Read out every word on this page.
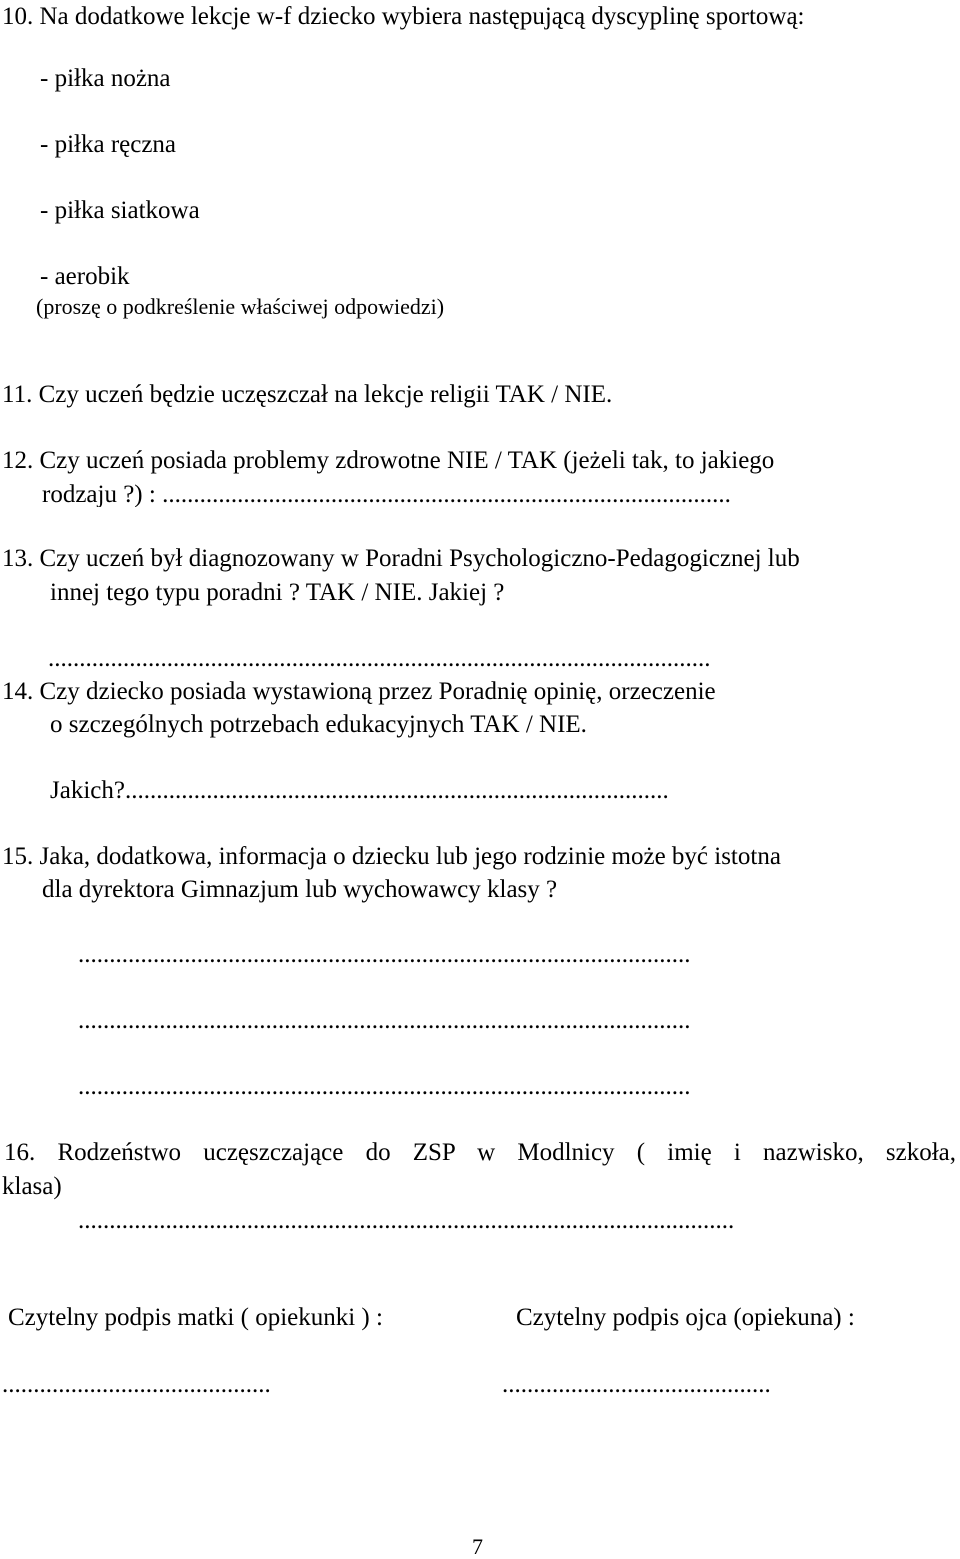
10. Na dodatkowe lekcje w-f dziecko wybiera następującą dyscyplinę sportową:
- piłka nożna
- piłka ręczna
- piłka siatkowa
- aerobik
(proszę o podkreślenie właściwej odpowiedzi)
11. Czy uczeń będzie uczęszczał na lekcje religii TAK / NIE.
12. Czy uczeń posiada problemy zdrowotne NIE / TAK (jeżeli tak, to jakiego
rodzaju ?) : ...........................................................................................
13. Czy uczeń był diagnozowany w Poradni Psychologiczno-Pedagogicznej lub
innej tego typu poradni ? TAK / NIE. Jakiej ?
..........................................................................................................
14. Czy dziecko posiada wystawioną przez Poradnię opinię, orzeczenie
o szczególnych potrzebach edukacyjnych TAK / NIE.
Jakich?.......................................................................................
15. Jaka, dodatkowa, informacja o dziecku lub jego rodzinie może być istotna
dla dyrektora Gimnazjum lub wychowawcy klasy ?
..................................................................................................
..................................................................................................
..................................................................................................
16. Rodzeństwo uczęszczające do ZSP w Modlnicy ( imię i nazwisko, szkoła,
klasa)
.........................................................................................................
Czytelny podpis matki ( opiekunki ) :	Czytelny podpis ojca (opiekuna) :
...........................................	...........................................
7
